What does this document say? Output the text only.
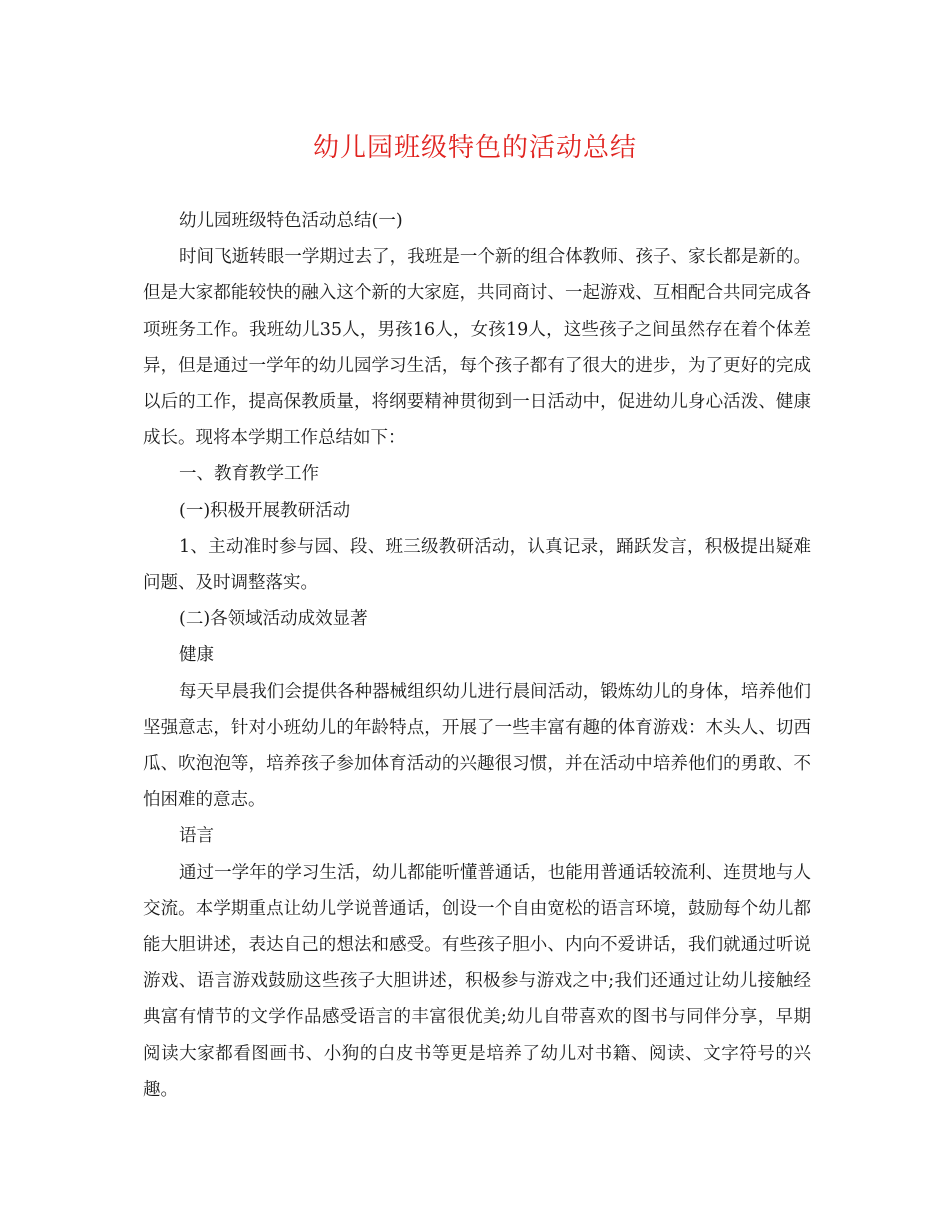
幼儿园班级特色的活动总结

幼儿园班级特色活动总结(一)

时间飞逝转眼一学期过去了，我班是一个新的组合体教师、孩子、家长都是新的。但是大家都能较快的融入这个新的大家庭，共同商讨、一起游戏、互相配合共同完成各项班务工作。我班幼儿35人，男孩16人，女孩19人，这些孩子之间虽然存在着个体差异，但是通过一学年的幼儿园学习生活，每个孩子都有了很大的进步，为了更好的完成以后的工作，提高保教质量，将纲要精神贯彻到一日活动中，促进幼儿身心活泼、健康成长。现将本学期工作总结如下：

一、教育教学工作

(一)积极开展教研活动

1、主动准时参与园、段、班三级教研活动，认真记录，踊跃发言，积极提出疑难问题、及时调整落实。

(二)各领域活动成效显著

健康

每天早晨我们会提供各种器械组织幼儿进行晨间活动，锻炼幼儿的身体，培养他们坚强意志，针对小班幼儿的年龄特点，开展了一些丰富有趣的体育游戏：木头人、切西瓜、吹泡泡等，培养孩子参加体育活动的兴趣很习惯，并在活动中培养他们的勇敢、不怕困难的意志。

语言

通过一学年的学习生活，幼儿都能听懂普通话，也能用普通话较流利、连贯地与人交流。本学期重点让幼儿学说普通话，创设一个自由宽松的语言环境，鼓励每个幼儿都能大胆讲述，表达自己的想法和感受。有些孩子胆小、内向不爱讲话，我们就通过听说游戏、语言游戏鼓励这些孩子大胆讲述，积极参与游戏之中;我们还通过让幼儿接触经典富有情节的文学作品感受语言的丰富很优美;幼儿自带喜欢的图书与同伴分享，早期阅读大家都看图画书、小狗的白皮书等更是培养了幼儿对书籍、阅读、文字符号的兴趣。
